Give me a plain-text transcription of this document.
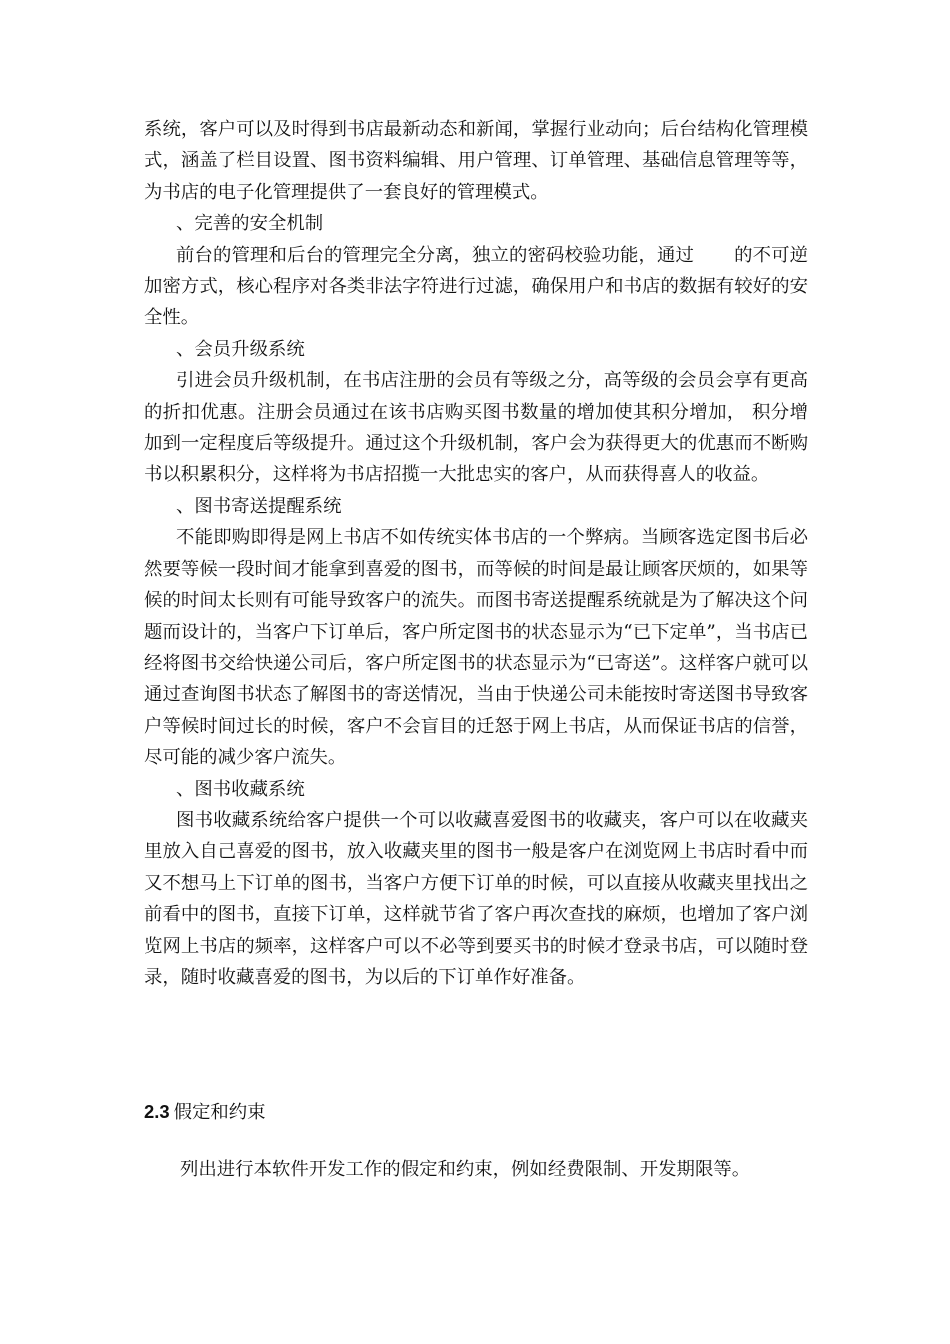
系统，客户可以及时得到书店最新动态和新闻，掌握行业动向；后台结构化管理模式，涵盖了栏目设置、图书资料编辑、用户管理、订单管理、基础信息管理等等，为书店的电子化管理提供了一套良好的管理模式。

、完善的安全机制

前台的管理和后台的管理完全分离，独立的密码校验功能，通过 的不可逆加密方式，核心程序对各类非法字符进行过滤，确保用户和书店的数据有较好的安全性。

、会员升级系统

引进会员升级机制，在书店注册的会员有等级之分，高等级的会员会享有更高的折扣优惠。注册会员通过在该书店购买图书数量的增加使其积分增加， 积分增加到一定程度后等级提升。通过这个升级机制，客户会为获得更大的优惠而不断购书以积累积分，这样将为书店招揽一大批忠实的客户，从而获得喜人的收益。

、图书寄送提醒系统

不能即购即得是网上书店不如传统实体书店的一个弊病。当顾客选定图书后必然要等候一段时间才能拿到喜爱的图书，而等候的时间是最让顾客厌烦的，如果等候的时间太长则有可能导致客户的流失。而图书寄送提醒系统就是为了解决这个问题而设计的，当客户下订单后，客户所定图书的状态显示为“已下定单”，当书店已经将图书交给快递公司后，客户所定图书的状态显示为“已寄送”。这样客户就可以通过查询图书状态了解图书的寄送情况，当由于快递公司未能按时寄送图书导致客户等候时间过长的时候，客户不会盲目的迁怒于网上书店，从而保证书店的信誉，尽可能的减少客户流失。

、图书收藏系统

图书收藏系统给客户提供一个可以收藏喜爱图书的收藏夹，客户可以在收藏夹里放入自己喜爱的图书，放入收藏夹里的图书一般是客户在浏览网上书店时看中而又不想马上下订单的图书，当客户方便下订单的时候，可以直接从收藏夹里找出之前看中的图书，直接下订单，这样就节省了客户再次查找的麻烦，也增加了客户浏览网上书店的频率，这样客户可以不必等到要买书的时候才登录书店，可以随时登录，随时收藏喜爱的图书，为以后的下订单作好准备。

2.3 假定和约束

列出进行本软件开发工作的假定和约束，例如经费限制、开发期限等。
